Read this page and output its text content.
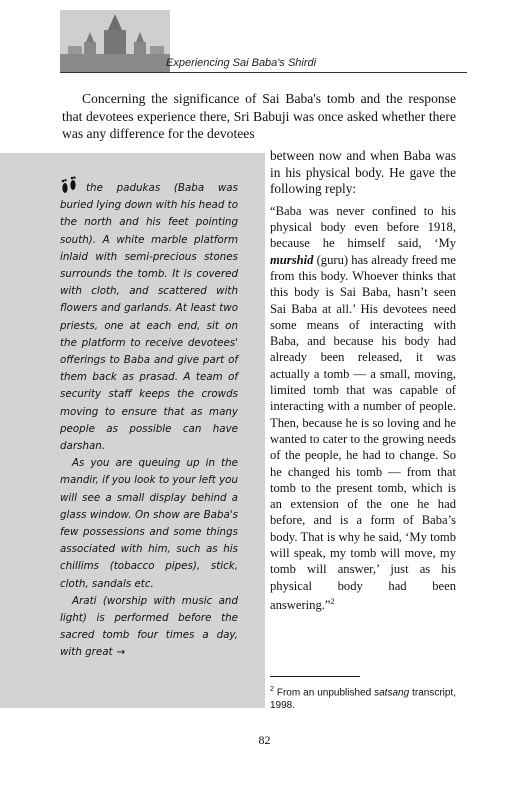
Experiencing Sai Baba's Shirdi

Concerning the significance of Sai Baba's tomb and the response that devotees experience there, Sri Babuji was once asked whether there was any difference for the devotees

the padukas (Baba was buried lying down with his head to the north and his feet pointing south). A white marble platform inlaid with semi-precious stones surrounds the tomb. It is covered with cloth, and scattered with flowers and garlands. At least two priests, one at each end, sit on the platform to receive devotees' offerings to Baba and give part of them back as prasad. A team of security staff keeps the crowds moving to ensure that as many people as possible can have darshan.

As you are queuing up in the mandir, if you look to your left you will see a small display behind a glass window. On show are Baba's few possessions and some things associated with him, such as his chillims (tobacco pipes), stick, cloth, sandals etc.

Arati (worship with music and light) is performed before the sacred tomb four times a day, with great →

between now and when Baba was in his physical body. He gave the following reply:

“Baba was never confined to his physical body even before 1918, because he himself said, ‘My murshid (guru) has already freed me from this body. Whoever thinks that this body is Sai Baba, hasn’t seen Sai Baba at all.’ His devotees need some means of interacting with Baba, and because his body had already been released, it was actually a tomb — a small, moving, limited tomb that was capable of interacting with a number of people. Then, because he is so loving and he wanted to cater to the growing needs of the people, he had to change. So he changed his tomb — from that tomb to the present tomb, which is an extension of the one he had before, and is a form of Baba’s body. That is why he said, ‘My tomb will speak, my tomb will move, my tomb will answer,’ just as his physical body had been answering.”$^2$

$^2$ From an unpublished satsang transcript, 1998.

82
